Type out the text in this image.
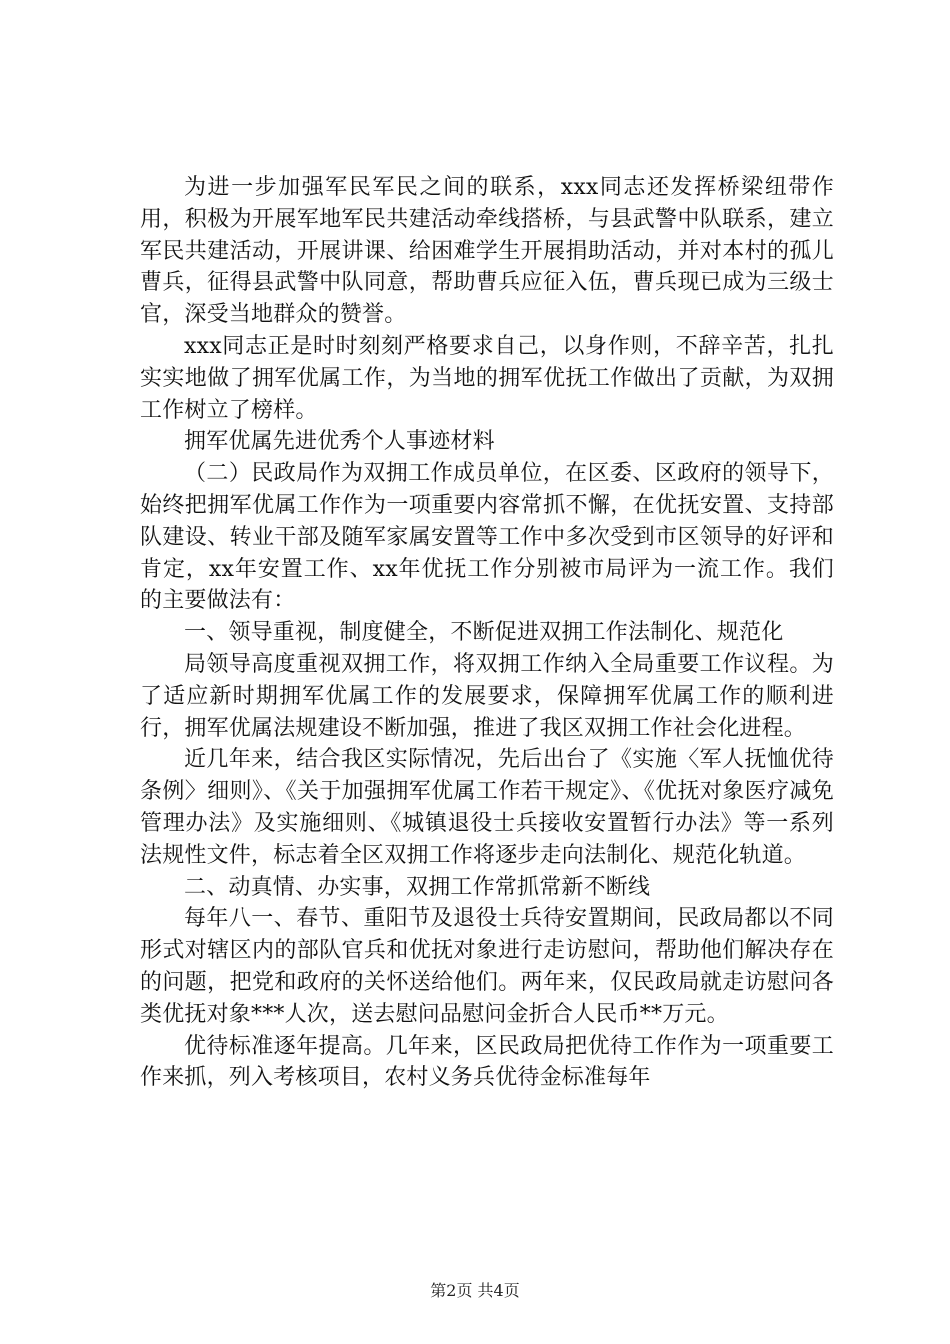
为进一步加强军民军民之间的联系，xxx同志还发挥桥梁纽带作用，积极为开展军地军民共建活动牵线搭桥，与县武警中队联系，建立军民共建活动，开展讲课、给困难学生开展捐助活动，并对本村的孤儿曹兵，征得县武警中队同意，帮助曹兵应征入伍，曹兵现已成为三级士官，深受当地群众的赞誉。

xxx同志正是时时刻刻严格要求自己，以身作则，不辞辛苦，扎扎实实地做了拥军优属工作，为当地的拥军优抚工作做出了贡献，为双拥工作树立了榜样。

拥军优属先进优秀个人事迹材料

（二）民政局作为双拥工作成员单位，在区委、区政府的领导下，始终把拥军优属工作作为一项重要内容常抓不懈，在优抚安置、支持部队建设、转业干部及随军家属安置等工作中多次受到市区领导的好评和肯定，xx年安置工作、xx年优抚工作分别被市局评为一流工作。我们的主要做法有：

一、领导重视，制度健全，不断促进双拥工作法制化、规范化

局领导高度重视双拥工作，将双拥工作纳入全局重要工作议程。为了适应新时期拥军优属工作的发展要求，保障拥军优属工作的顺利进行，拥军优属法规建设不断加强，推进了我区双拥工作社会化进程。

近几年来，结合我区实际情况，先后出台了《实施〈军人抚恤优待条例〉细则》、《关于加强拥军优属工作若干规定》、《优抚对象医疗减免管理办法》及实施细则、《城镇退役士兵接收安置暂行办法》等一系列法规性文件，标志着全区双拥工作将逐步走向法制化、规范化轨道。

二、动真情、办实事，双拥工作常抓常新不断线

每年八一、春节、重阳节及退役士兵待安置期间，民政局都以不同形式对辖区内的部队官兵和优抚对象进行走访慰问，帮助他们解决存在的问题，把党和政府的关怀送给他们。两年来，仅民政局就走访慰问各类优抚对象***人次，送去慰问品慰问金折合人民币**万元。

优待标准逐年提高。几年来，区民政局把优待工作作为一项重要工作来抓，列入考核项目，农村义务兵优待金标准每年

第2页 共4页
